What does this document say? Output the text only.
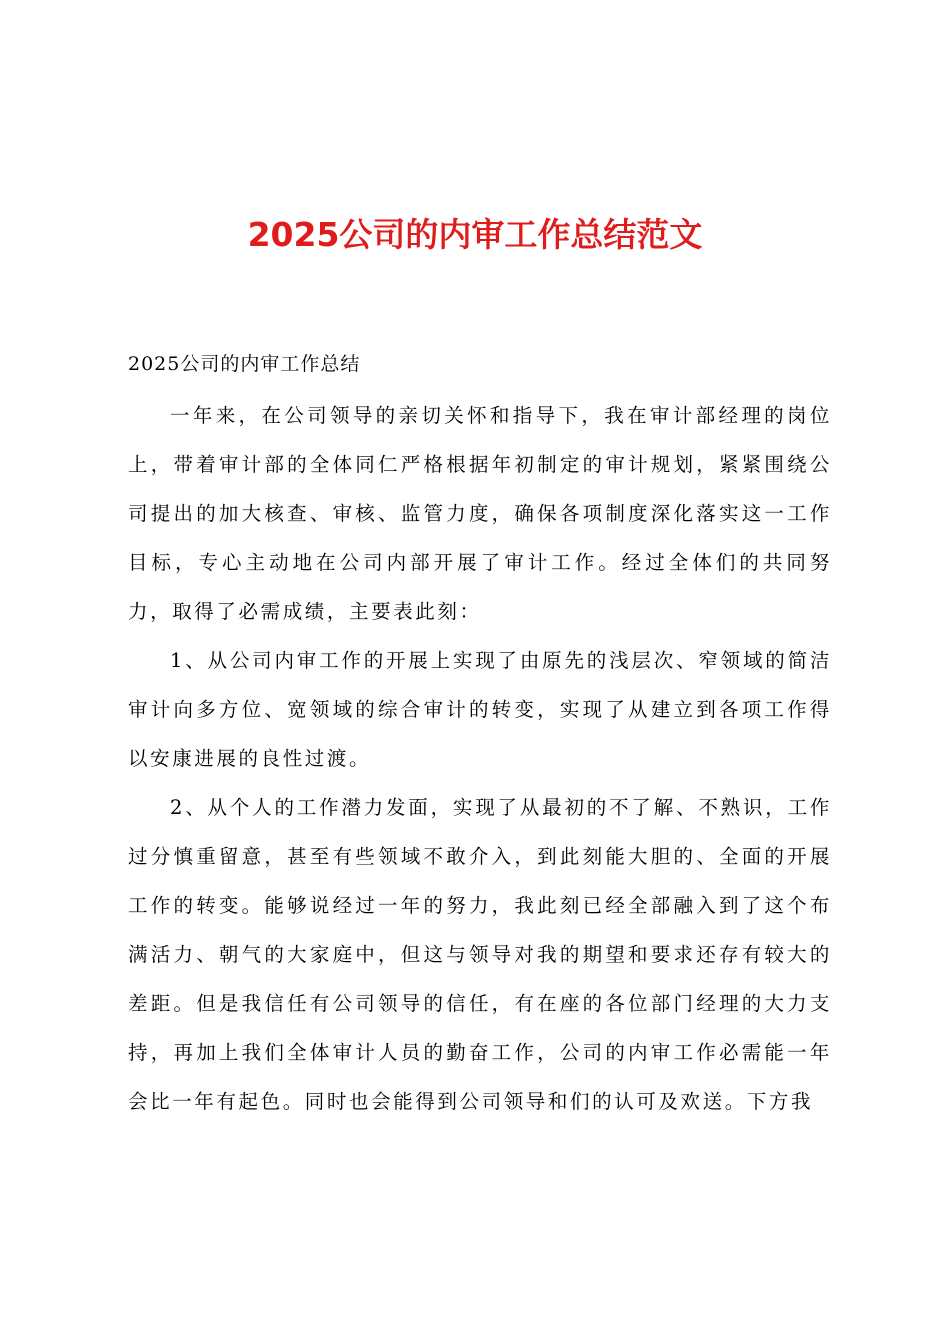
2025公司的内审工作总结范文

2025公司的内审工作总结

一年来，在公司领导的亲切关怀和指导下，我在审计部经理的岗位上，带着审计部的全体同仁严格根据年初制定的审计规划，紧紧围绕公司提出的加大核查、审核、监管力度，确保各项制度深化落实这一工作目标，专心主动地在公司内部开展了审计工作。经过全体们的共同努力，取得了必需成绩，主要表此刻：

1、从公司内审工作的开展上实现了由原先的浅层次、窄领域的简洁审计向多方位、宽领域的综合审计的转变，实现了从建立到各项工作得以安康进展的良性过渡。

2、从个人的工作潜力发面，实现了从最初的不了解、不熟识，工作过分慎重留意，甚至有些领域不敢介入，到此刻能大胆的、全面的开展工作的转变。能够说经过一年的努力，我此刻已经全部融入到了这个布满活力、朝气的大家庭中，但这与领导对我的期望和要求还存有较大的差距。但是我信任有公司领导的信任，有在座的各位部门经理的大力支持，再加上我们全体审计人员的勤奋工作，公司的内审工作必需能一年会比一年有起色。同时也会能得到公司领导和们的认可及欢送。下方我
